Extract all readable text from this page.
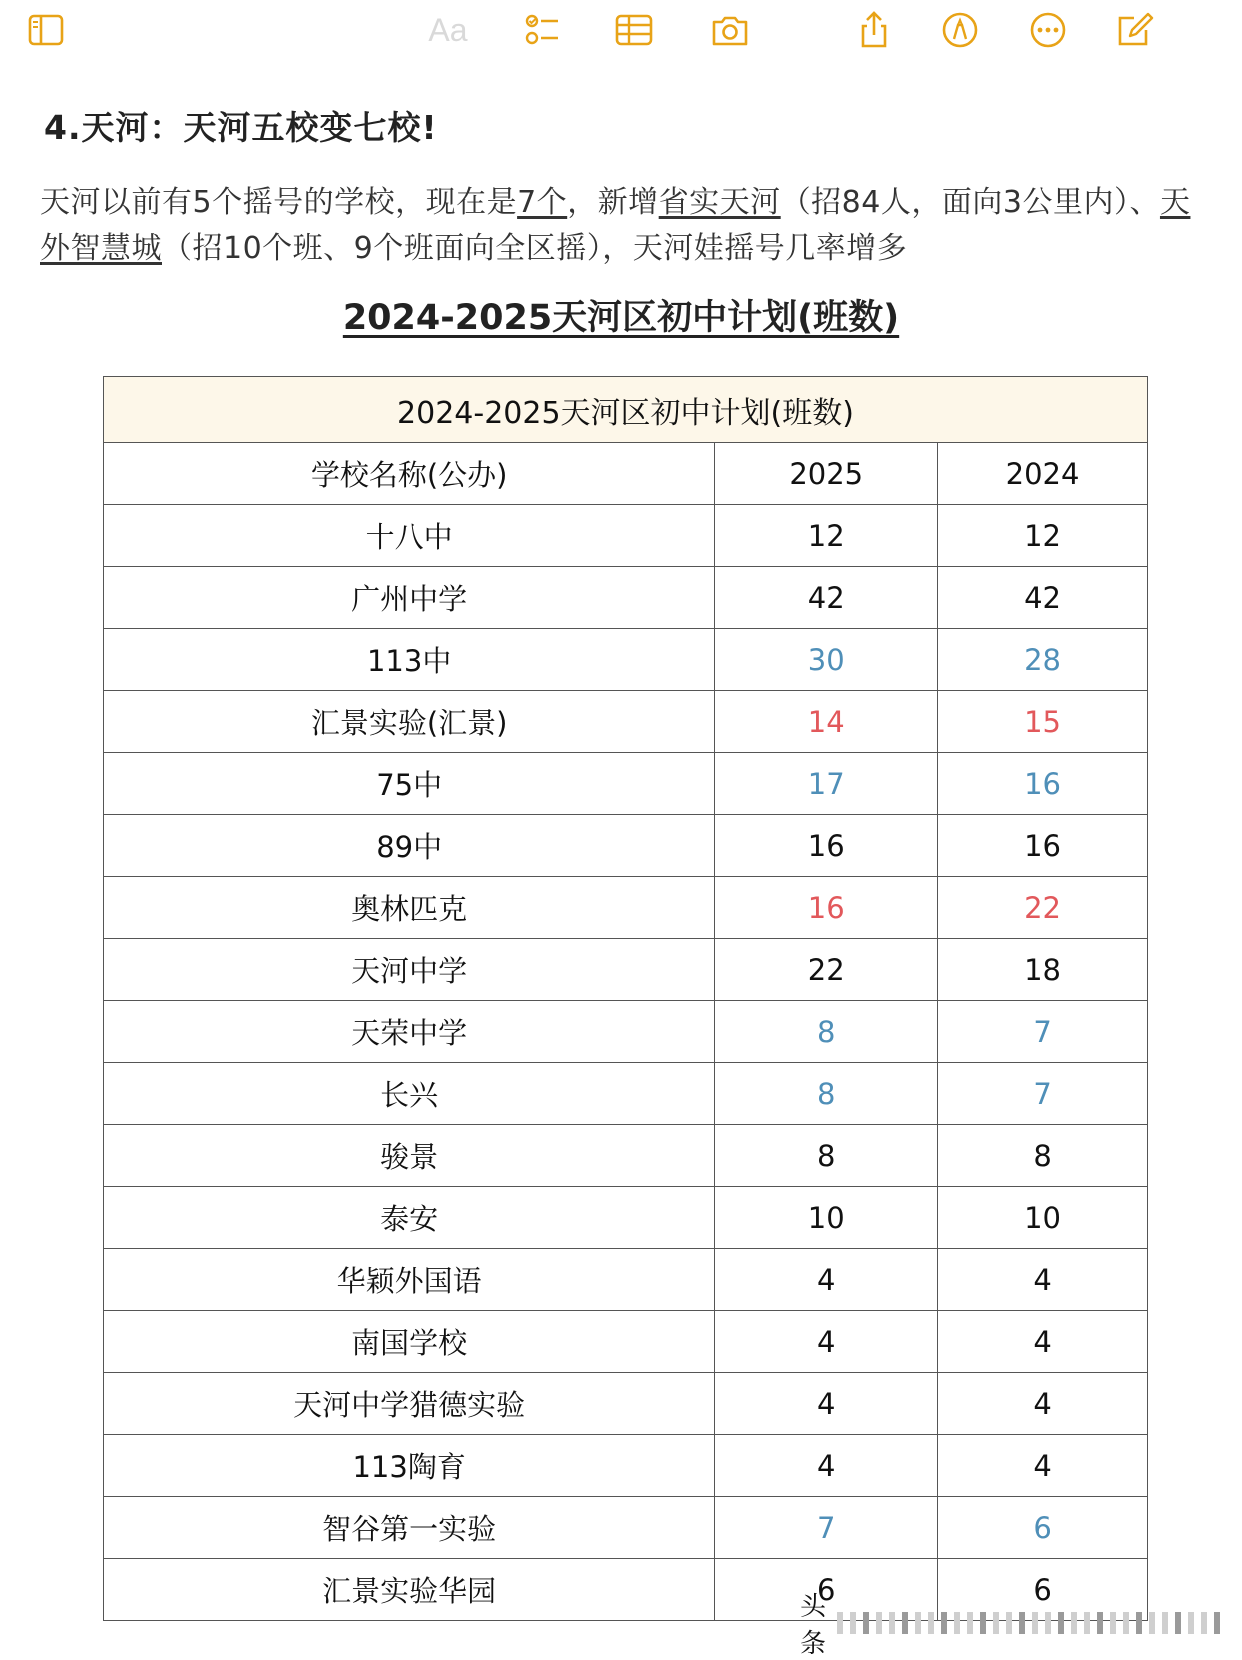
Aa
4.天河：天河五校变七校!
天河以前有5个摇号的学校，现在是7个，新增省实天河（招84人，面向3公里内）、天外智慧城（招10个班、9个班面向全区摇），天河娃摇号几率增多
2024-2025天河区初中计划(班数)
2024-2025天河区初中计划(班数)		
学校名称(公办)	2025	2024
十八中	12	12
广州中学	42	42
113中	30	28
汇景实验(汇景)	14	15
75中	17	16
89中	16	16
奥林匹克	16	22
天河中学	22	18
天荣中学	8	7
长兴	8	7
骏景	8	8
泰安	10	10
华颖外国语	4	4
南国学校	4	4
天河中学猎德实验	4	4
113陶育	4	4
智谷第一实验	7	6
汇景实验华园	6	6
头条
